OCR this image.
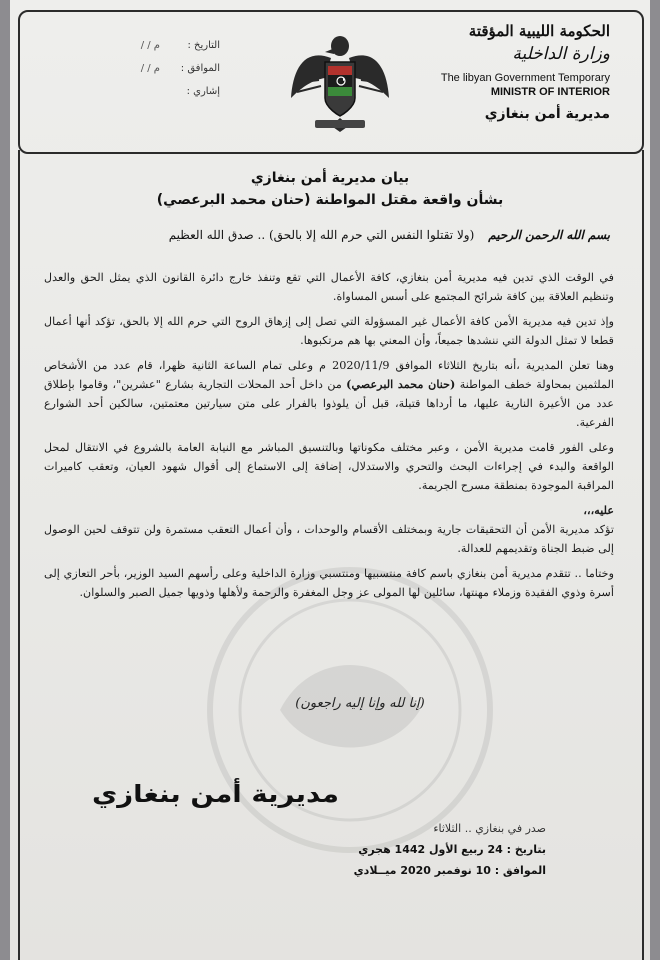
الحكومة الليبية المؤقتة
وزارة الداخلية
The libyan Government Temporary
MINISTR OF INTERIOR
مديرية أمن بنغازي
التاريخ :
/ / م
الموافق :
/ / م
إشاري :
بيان مديرية أمن بنغازي
بشأن واقعة مقتل المواطنة (حنان محمد البرعصي)
بسم الله الرحمن الرحيم
(ولا تقتلوا النفس التي حرم الله إلا بالحق) .. صدق الله العظيم

في الوقت الذي تدين فيه مديرية أمن بنغازي، كافة الأعمال التي تقع وتنفذ خارج دائرة القانون الذي يمثل الحق والعدل وتنظيم العلاقة بين كافة شرائح المجتمع على أسس المساواة.

وإذ تدين فيه مديرية الأمن كافة الأعمال غير المسؤولة التي تصل إلى إزهاق الروح التي حرم الله إلا بالحق، تؤكد أنها أعمال قطعا لا تمثل الدولة التي ننشدها جميعاً، وأن المعني بها هم مرتكبوها.

وهنا تعلن المديرية ،أنه بتاريخ الثلاثاء الموافق 2020/11/9 م وعلى تمام الساعة الثانية ظهرا، قام عدد من الأشخاص الملثمين بمحاولة خطف المواطنة (حنان محمد البرعصي) من داخل أحد المحلات التجارية بشارع "عشرين"، وقاموا بإطلاق عدد من الأعيرة النارية عليها، ما أرداها قتيلة، قبل أن يلوذوا بالفرار على متن سيارتين معتمتين، سالكين أحد الشوارع الفرعية.

وعلى الفور قامت مديرية الأمن ، وعبر مختلف مكوناتها وبالتنسيق المباشر مع النيابة العامة بالشروع في الانتقال لمحل الواقعة والبدء في إجراءات البحث والتحري والاستدلال، إضافة إلى الاستماع إلى أقوال شهود العيان، وتعقب كاميرات المراقبة الموجودة بمنطقة مسرح الجريمة.

عليه،،،

تؤكد مديرية الأمن أن التحقيقات جارية وبمختلف الأقسام والوحدات ، وأن أعمال التعقب مستمرة ولن تتوقف لحين الوصول إلى ضبط الجناة وتقديمهم للعدالة.

وختاما .. تتقدم مديرية أمن بنغازي باسم كافة منتسبيها ومنتسبي وزارة الداخلية وعلى رأسهم السيد الوزير، بأحر التعازي إلى أسرة وذوي الفقيدة وزملاء مهنتها، سائلين لها المولى عز وجل المغفرة والرحمة ولأهلها وذويها جميل الصبر والسلوان.

(إنا لله وإنا إليه راجعون)
مديرية أمن بنغازي
صدر في بنغازي .. الثلاثاء
بتاريخ : 24 ربيع الأول 1442 هجري
الموافق : 10 نوفمبر 2020 ميــلادي
